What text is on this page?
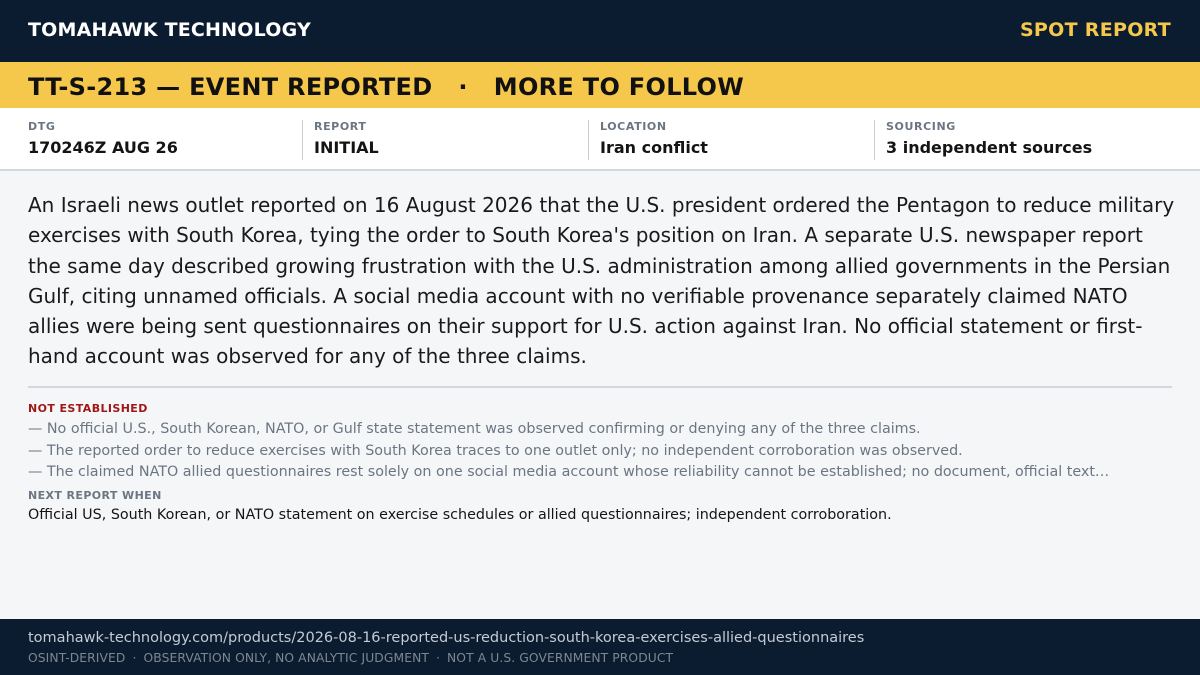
TOMAHAWK TECHNOLOGY	SPOT REPORT
TT-S-213 — EVENT REPORTED   ·   MORE TO FOLLOW
DTG
170246Z AUG 26
REPORT
INITIAL
LOCATION
Iran conflict
SOURCING
3 independent sources

An Israeli news outlet reported on 16 August 2026 that the U.S. president ordered the Pentagon to reduce military exercises with South Korea, tying the order to South Korea's position on Iran. A separate U.S. newspaper report the same day described growing frustration with the U.S. administration among allied governments in the Persian Gulf, citing unnamed officials. A social media account with no verifiable provenance separately claimed NATO allies were being sent questionnaires on their support for U.S. action against Iran. No official statement or first-hand account was observed for any of the three claims.

NOT ESTABLISHED
— No official U.S., South Korean, NATO, or Gulf state statement was observed confirming or denying any of the three claims.
— The reported order to reduce exercises with South Korea traces to one outlet only; no independent corroboration was observed.
— The claimed NATO allied questionnaires rest solely on one social media account whose reliability cannot be established; no document, official text…
NEXT REPORT WHEN
Official US, South Korean, or NATO statement on exercise schedules or allied questionnaires; independent corroboration.
tomahawk-technology.com/products/2026-08-16-reported-us-reduction-south-korea-exercises-allied-questionnaires
OSINT-DERIVED · OBSERVATION ONLY, NO ANALYTIC JUDGMENT · NOT A U.S. GOVERNMENT PRODUCT
